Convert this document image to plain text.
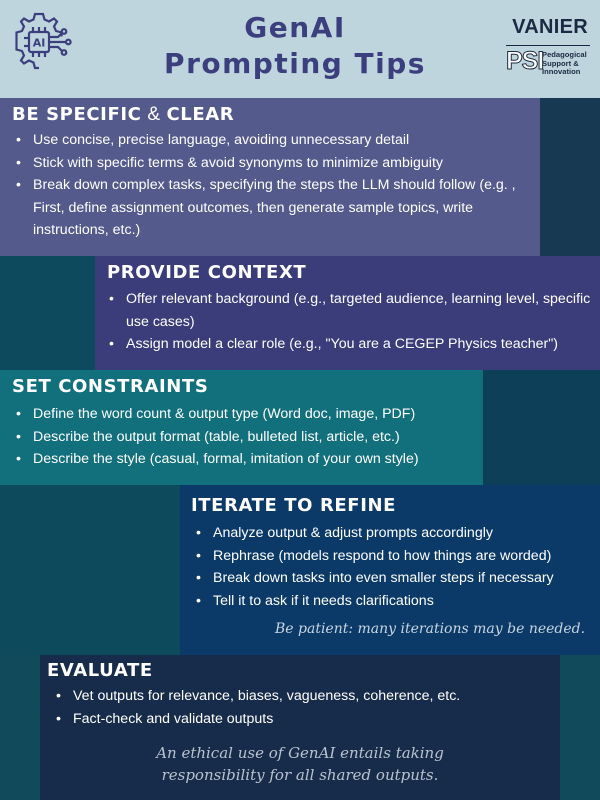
AI	GenAI
Prompting Tips
VANIER
PSI
Pedagogical
Support &
Innovation
BE SPECIFIC & CLEAR
• Use concise, precise language, avoiding unnecessary detail
• Stick with specific terms & avoid synonyms to minimize ambiguity
• Break down complex tasks, specifying the steps the LLM should follow (e.g. , First, define assignment outcomes, then generate sample topics, write instructions, etc.)
PROVIDE CONTEXT
• Offer relevant background (e.g., targeted audience, learning level, specific use cases)
• Assign model a clear role (e.g., "You are a CEGEP Physics teacher")
SET CONSTRAINTS
• Define the word count & output type (Word doc, image, PDF)
• Describe the output format (table, bulleted list, article, etc.)
• Describe the style (casual, formal, imitation of your own style)
ITERATE TO REFINE
• Analyze output & adjust prompts accordingly
• Rephrase (models respond to how things are worded)
• Break down tasks into even smaller steps if necessary
• Tell it to ask if it needs clarifications
Be patient: many iterations may be needed.
EVALUATE
• Vet outputs for relevance, biases, vagueness, coherence, etc.
• Fact-check and validate outputs
An ethical use of GenAI entails taking responsibility for all shared outputs.
